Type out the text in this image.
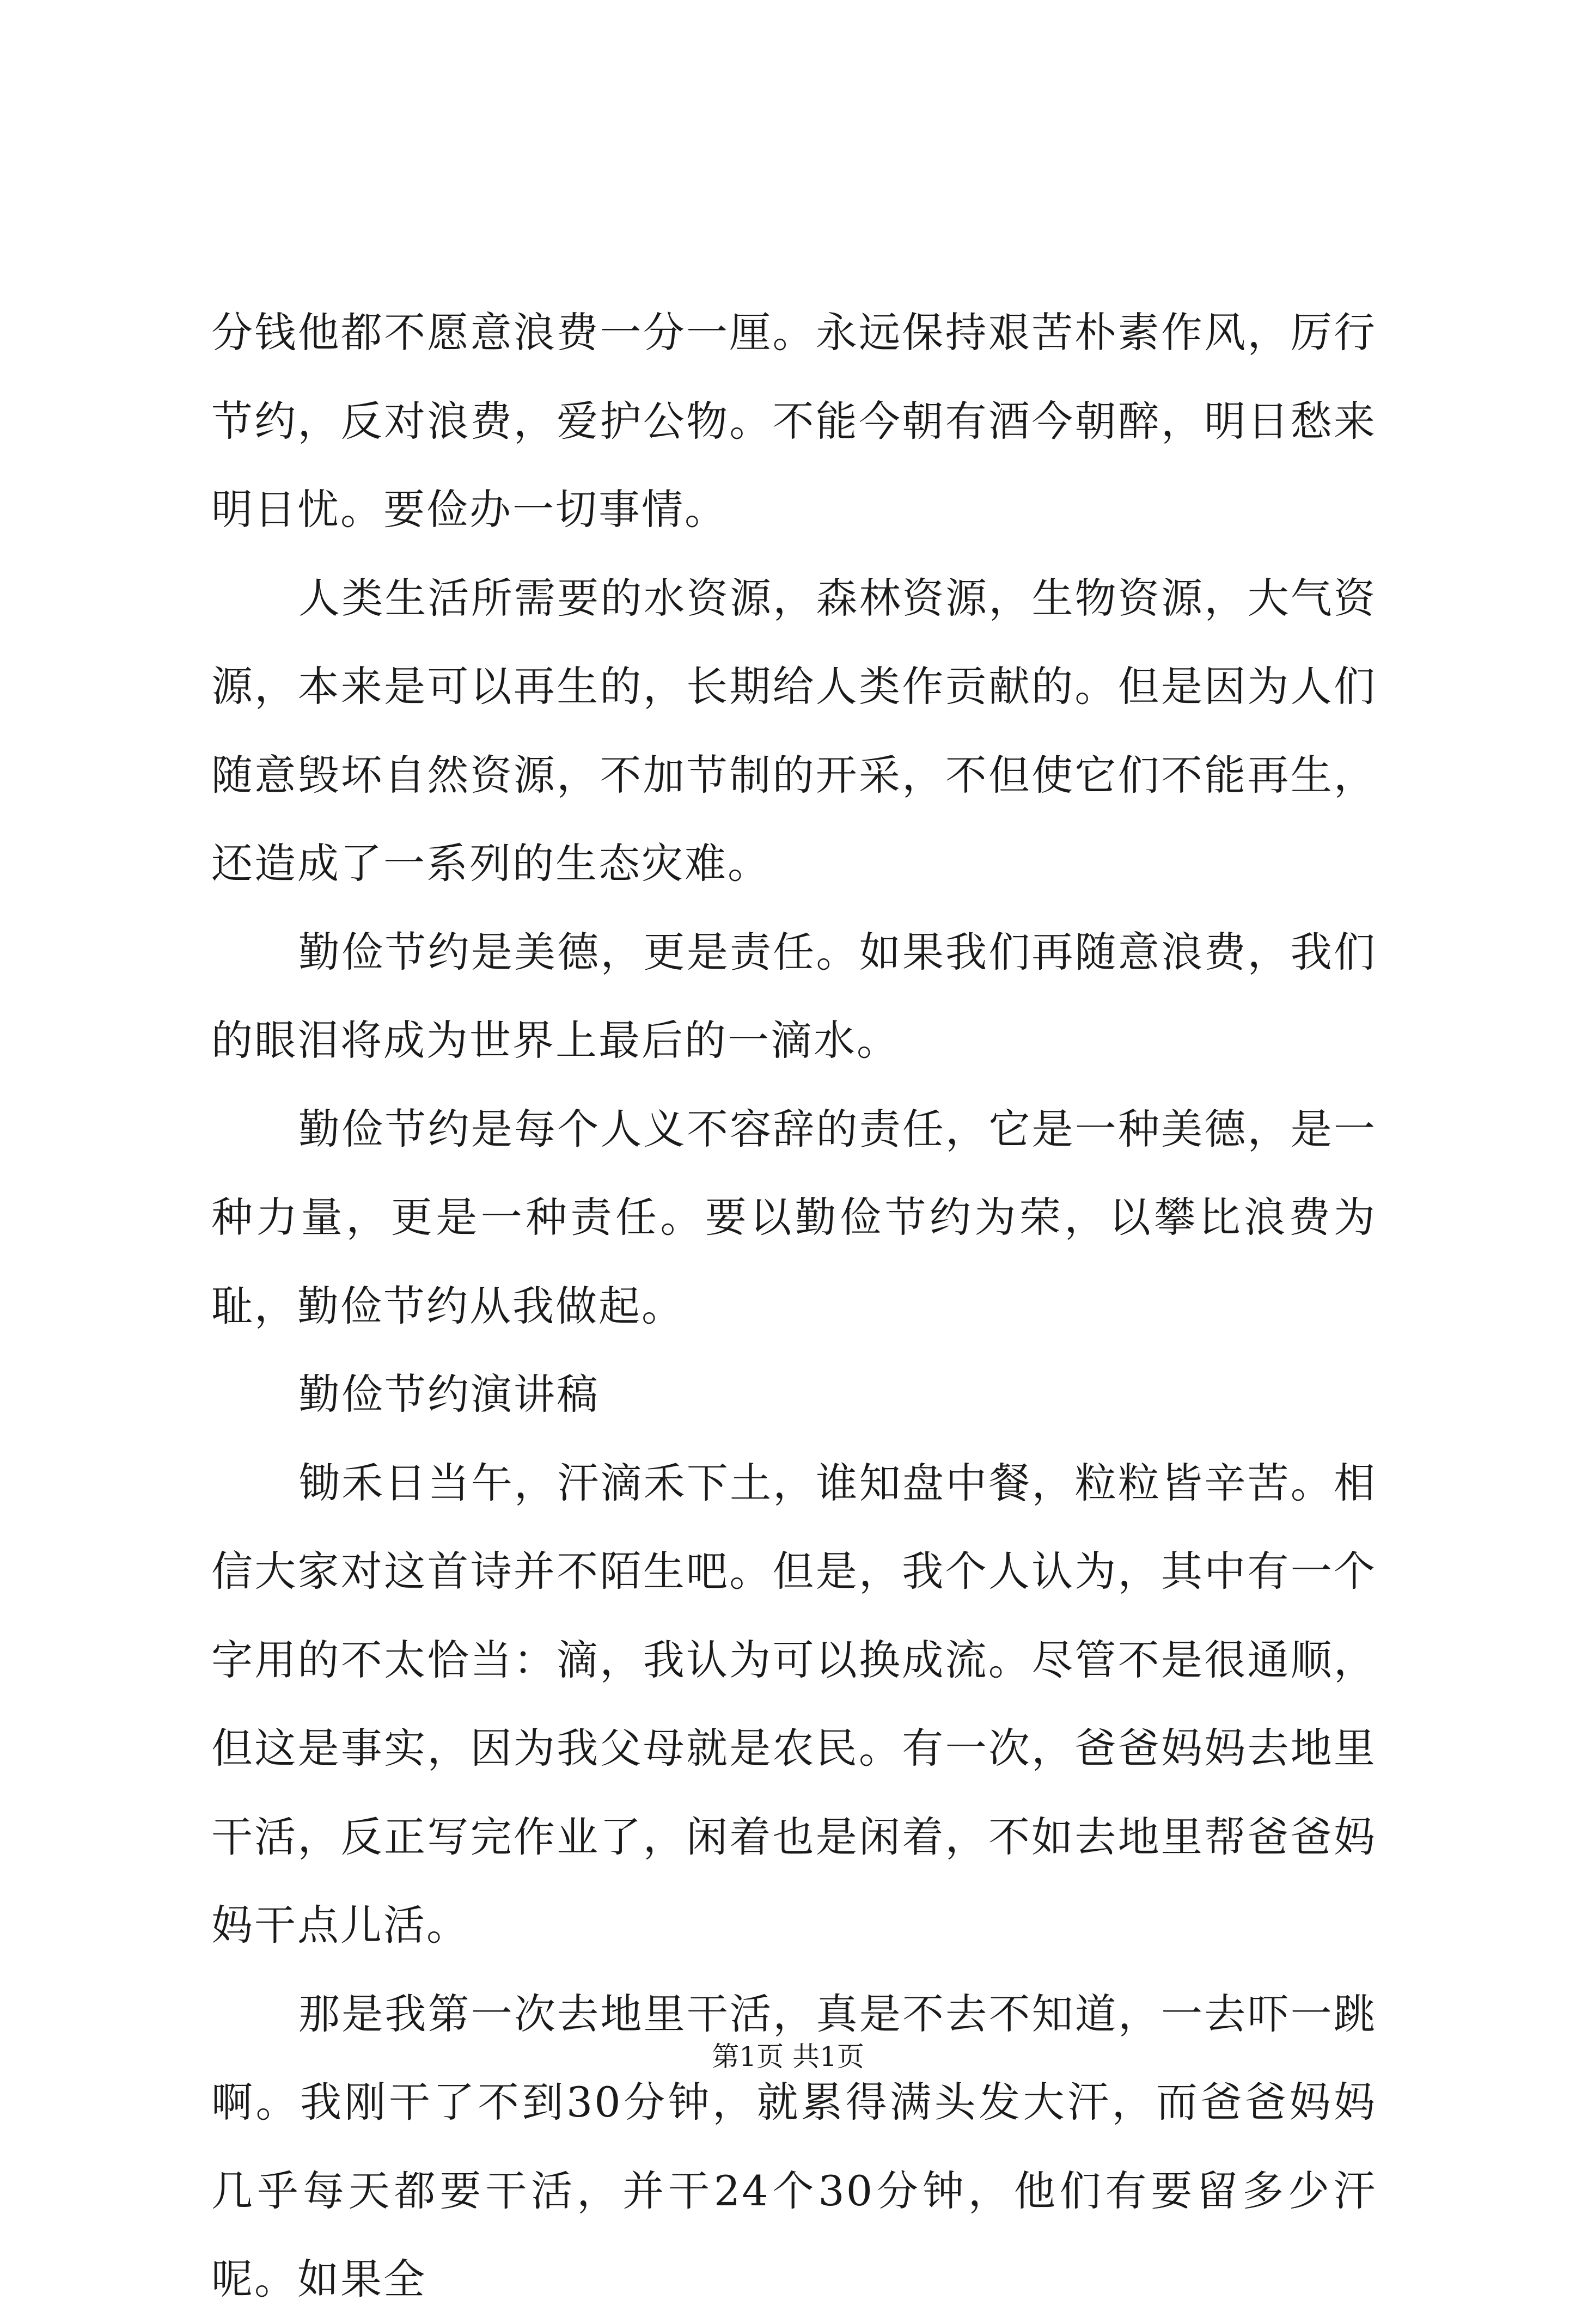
分钱他都不愿意浪费一分一厘。永远保持艰苦朴素作风，厉行节约，反对浪费，爱护公物。不能今朝有酒今朝醉，明日愁来明日忧。要俭办一切事情。

人类生活所需要的水资源，森林资源，生物资源，大气资源，本来是可以再生的，长期给人类作贡献的。但是因为人们随意毁坏自然资源，不加节制的开采，不但使它们不能再生，还造成了一系列的生态灾难。

勤俭节约是美德，更是责任。如果我们再随意浪费，我们的眼泪将成为世界上最后的一滴水。

勤俭节约是每个人义不容辞的责任，它是一种美德，是一种力量，更是一种责任。要以勤俭节约为荣，以攀比浪费为耻，勤俭节约从我做起。

勤俭节约演讲稿

锄禾日当午，汗滴禾下土，谁知盘中餐，粒粒皆辛苦。相信大家对这首诗并不陌生吧。但是，我个人认为，其中有一个字用的不太恰当：滴，我认为可以换成流。尽管不是很通顺，但这是事实，因为我父母就是农民。有一次，爸爸妈妈去地里干活，反正写完作业了，闲着也是闲着，不如去地里帮爸爸妈妈干点儿活。

那是我第一次去地里干活，真是不去不知道，一去吓一跳啊。我刚干了不到30分钟，就累得满头发大汗，而爸爸妈妈几乎每天都要干活，并干24个30分钟，他们有要留多少汗呢。如果全

第1页 共1页
